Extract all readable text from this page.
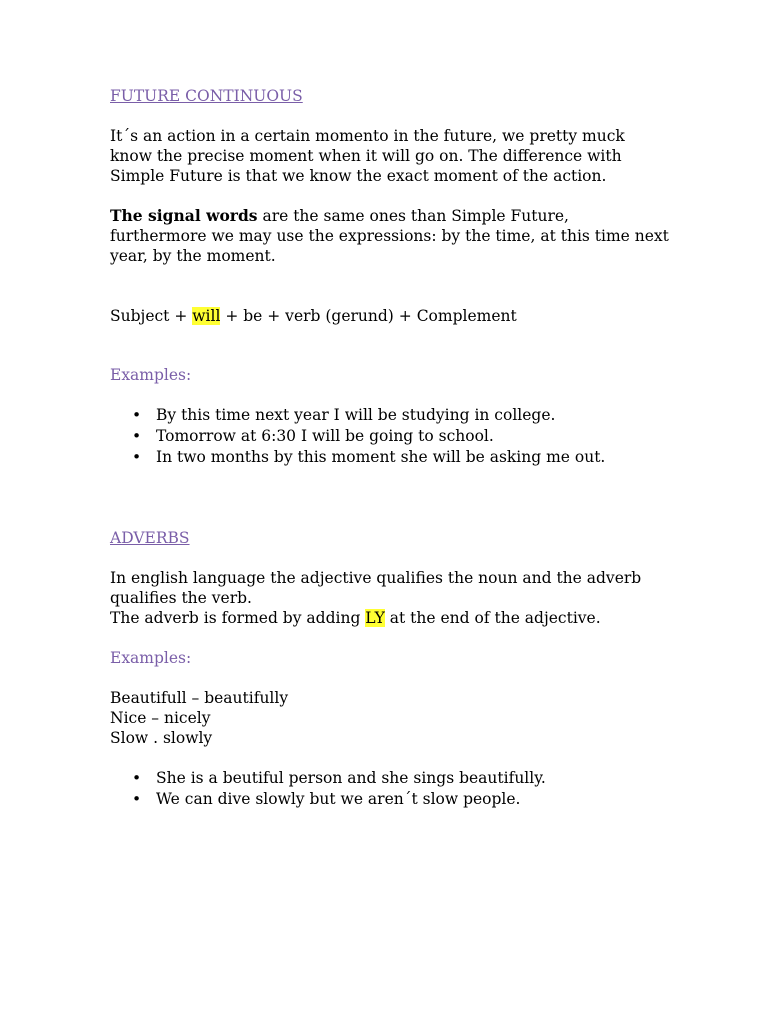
FUTURE CONTINUOUS

It´s an action in a certain momento in the future, we pretty muck know the precise moment when it will go on. The difference with Simple Future is that we know the exact moment of the action.

The signal words are the same ones than Simple Future, furthermore we may use the expressions: by the time, at this time next year, by the moment.

Subject + will + be + verb (gerund) + Complement

Examples:
• By this time next year I will be studying in college.
• Tomorrow at 6:30 I will be going to school.
• In two months by this moment she will be asking me out.
ADVERBS

In english language the adjective qualifies the noun and the adverb qualifies the verb.

The adverb is formed by adding LY at the end of the adjective.

Examples:
Beautifull – beautifully
Nice – nicely
Slow . slowly
• She is a beutiful person and she sings beautifully.
• We can dive slowly but we aren´t slow people.
